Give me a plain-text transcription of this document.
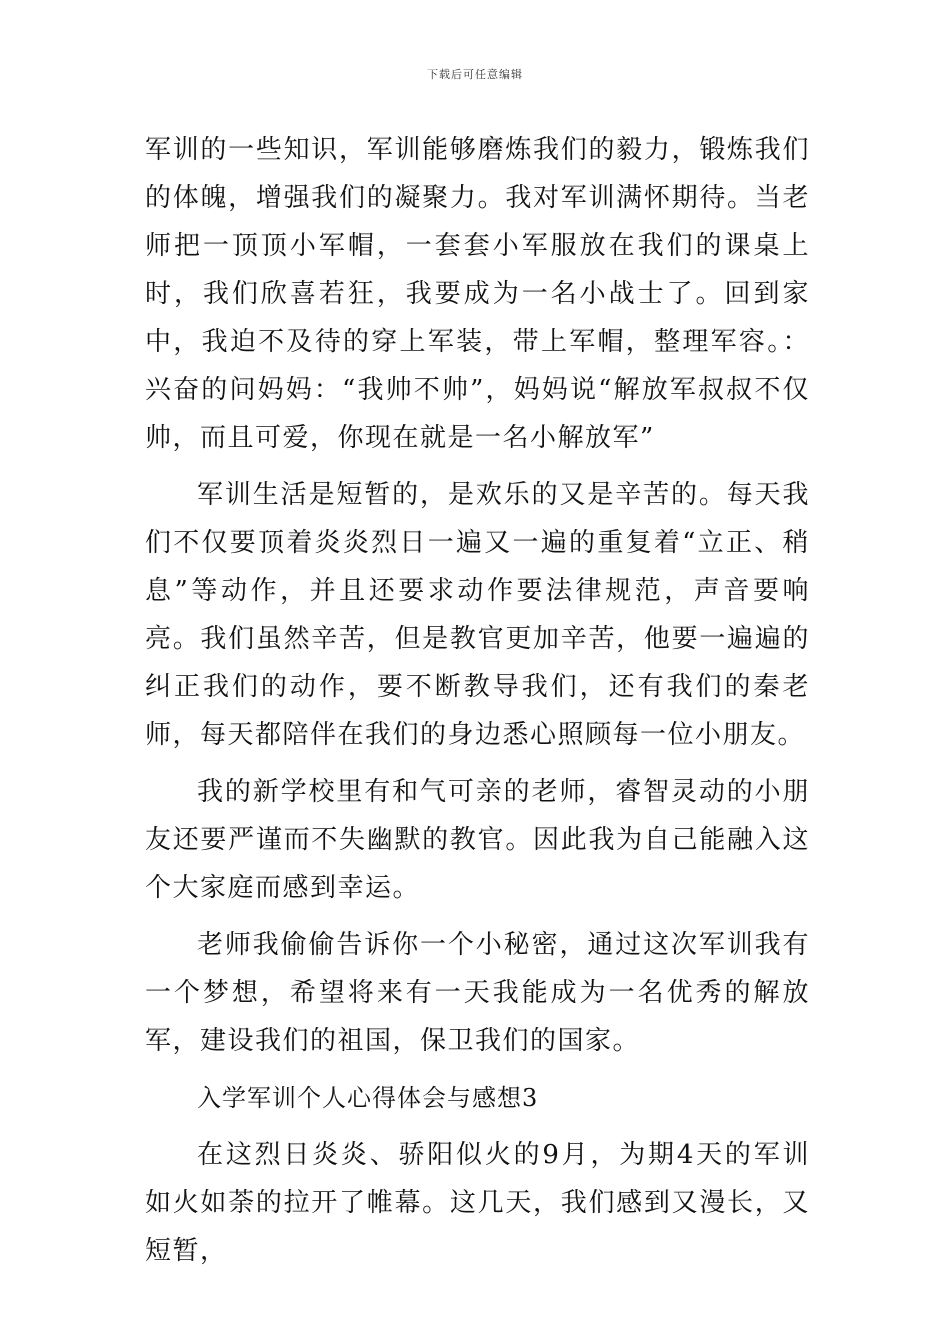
下载后可任意编辑

军训的一些知识，军训能够磨炼我们的毅力，锻炼我们的体魄，增强我们的凝聚力。我对军训满怀期待。当老师把一顶顶小军帽，一套套小军服放在我们的课桌上时，我们欣喜若狂，我要成为一名小战士了。回到家中，我迫不及待的穿上军装，带上军帽，整理军容。：兴奋的问妈妈：“我帅不帅”，妈妈说“解放军叔叔不仅帅，而且可爱，你现在就是一名小解放军”

军训生活是短暂的，是欢乐的又是辛苦的。每天我们不仅要顶着炎炎烈日一遍又一遍的重复着“立正、稍息”等动作，并且还要求动作要法律规范，声音要响亮。我们虽然辛苦，但是教官更加辛苦，他要一遍遍的纠正我们的动作，要不断教导我们，还有我们的秦老师，每天都陪伴在我们的身边悉心照顾每一位小朋友。

我的新学校里有和气可亲的老师，睿智灵动的小朋友还要严谨而不失幽默的教官。因此我为自己能融入这个大家庭而感到幸运。

老师我偷偷告诉你一个小秘密，通过这次军训我有一个梦想，希望将来有一天我能成为一名优秀的解放军，建设我们的祖国，保卫我们的国家。

入学军训个人心得体会与感想3

在这烈日炎炎、骄阳似火的9月，为期4天的军训如火如荼的拉开了帷幕。这几天，我们感到又漫长，又短暂，
